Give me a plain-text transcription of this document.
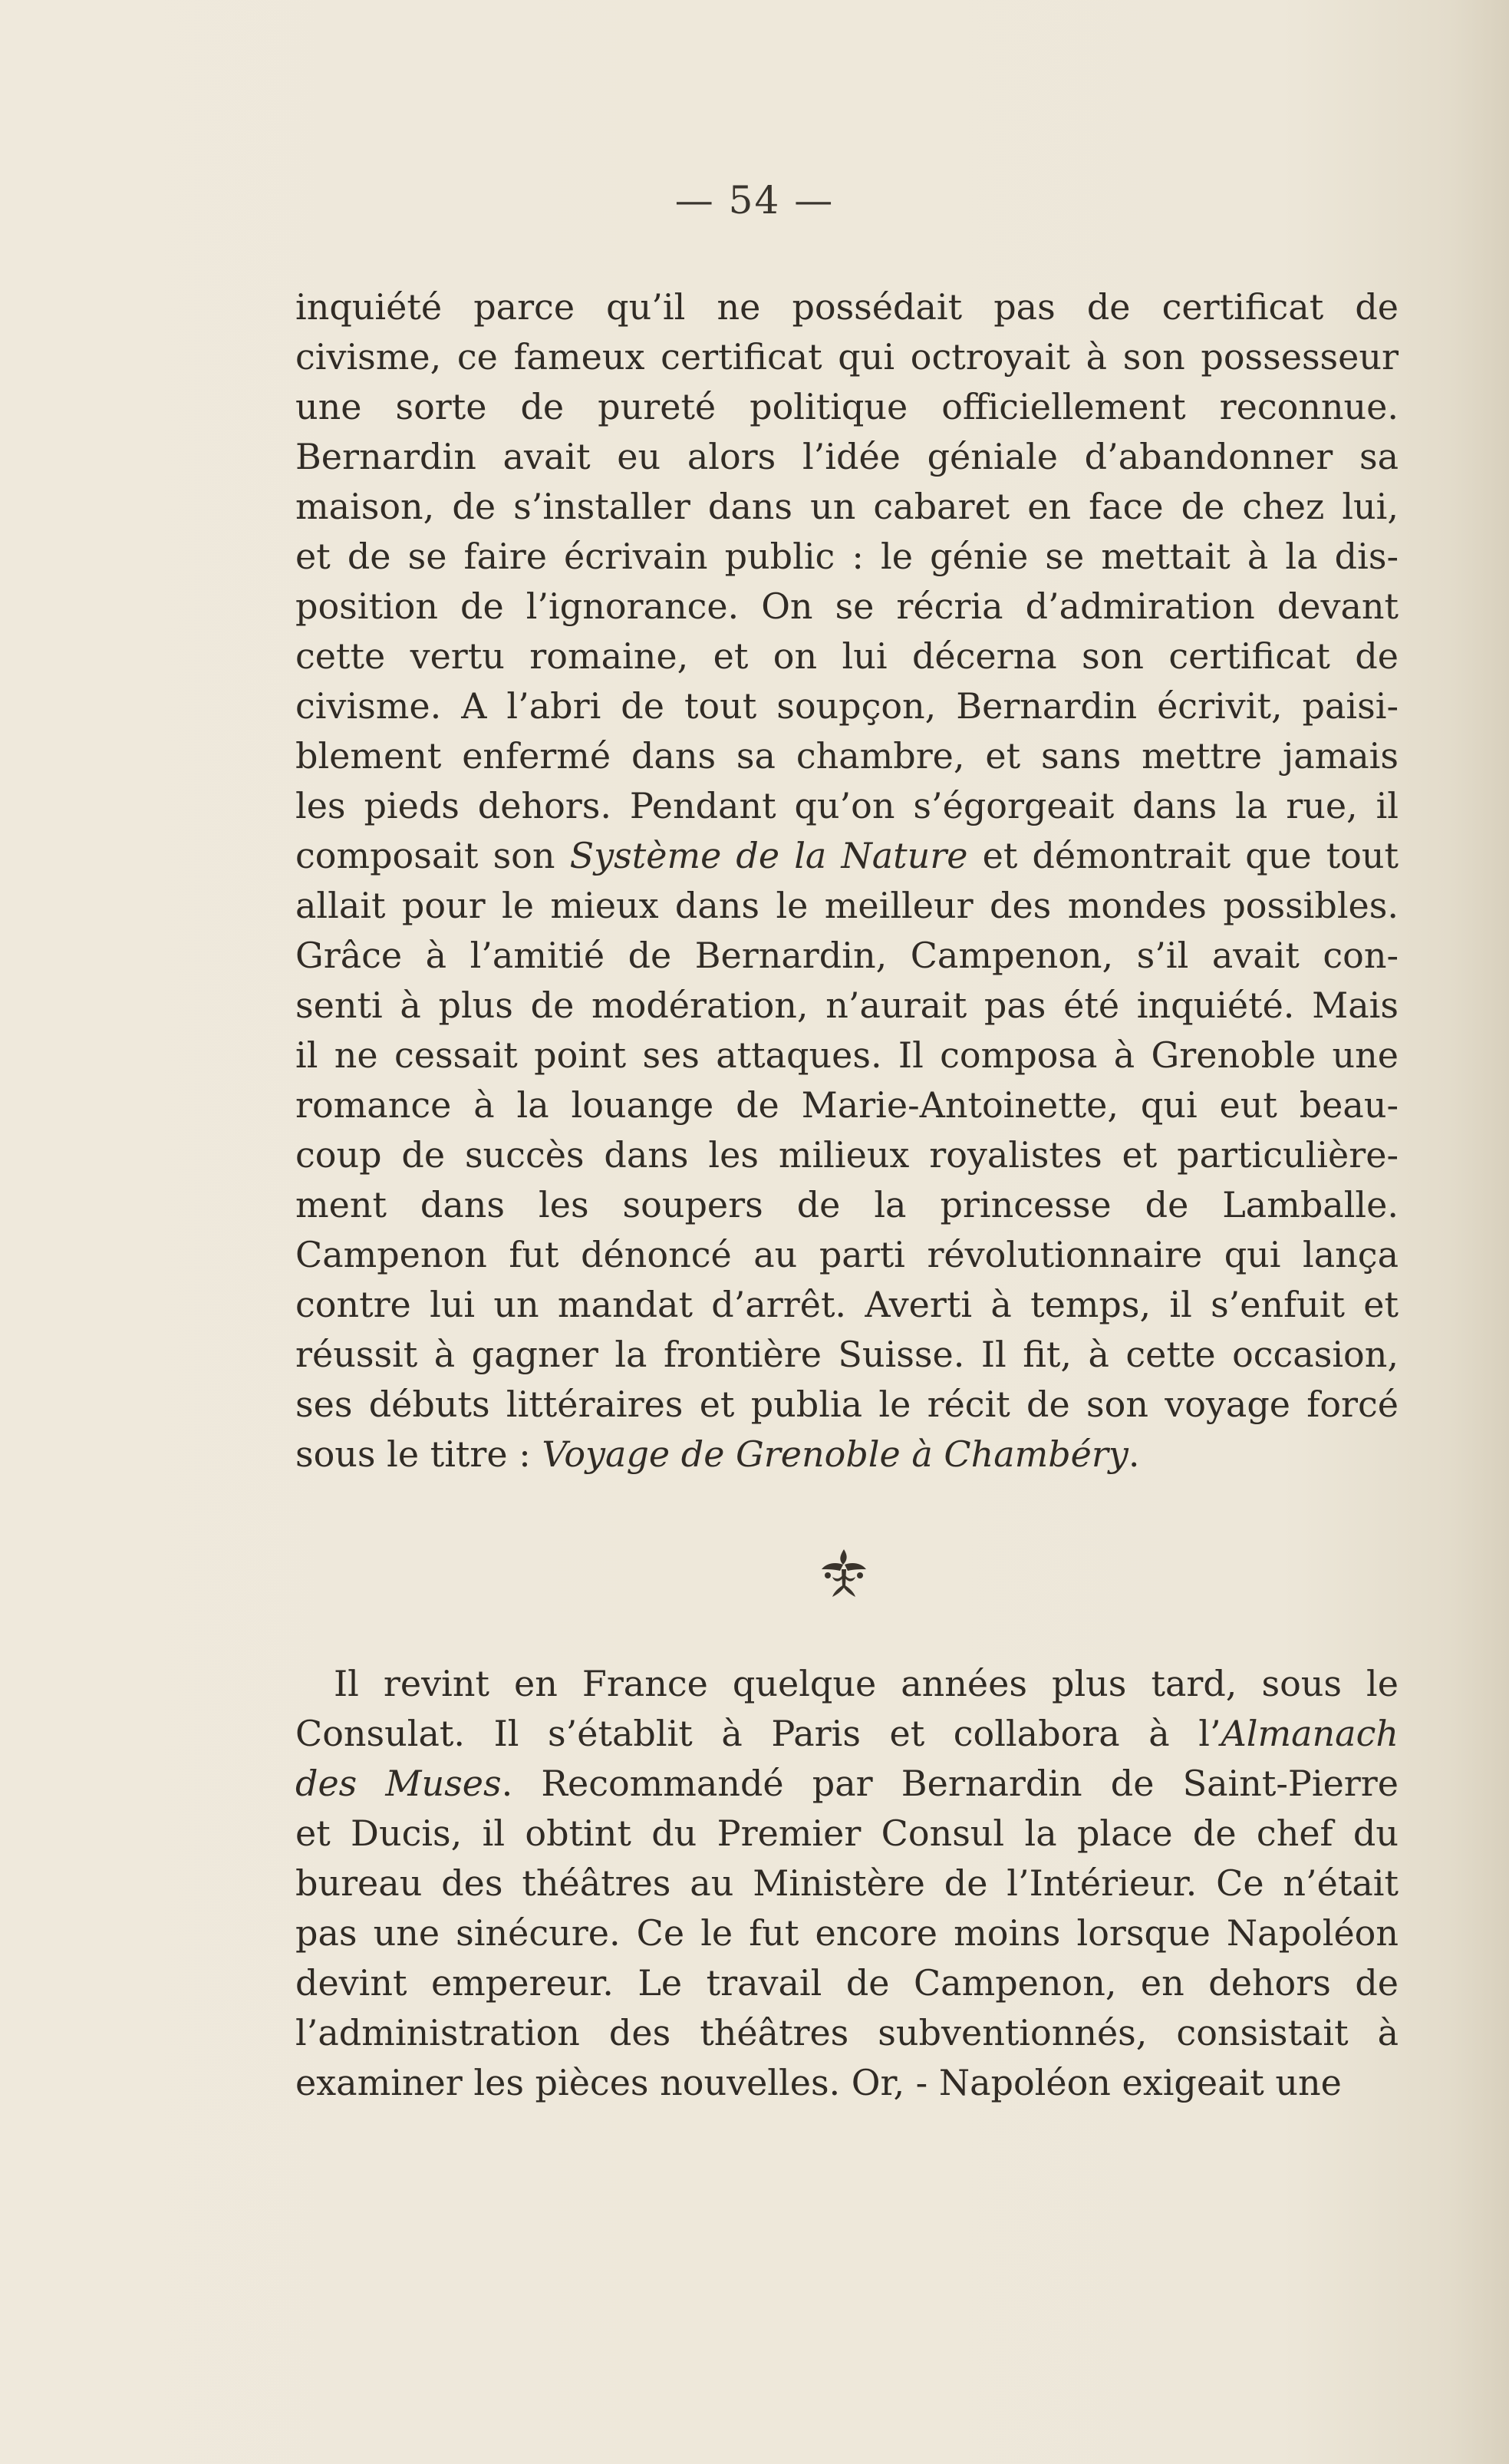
— 54 —
inquiété parce qu’il ne possédait pas de certificat de
civisme, ce fameux certificat qui octroyait à son possesseur
une sorte de pureté politique officiellement reconnue.
Bernardin avait eu alors l’idée géniale d’abandonner sa
maison, de s’installer dans un cabaret en face de chez lui,
et de se faire écrivain public : le génie se mettait à la dis-
position de l’ignorance. On se récria d’admiration devant
cette vertu romaine, et on lui décerna son certificat de
civisme. A l’abri de tout soupçon, Bernardin écrivit, paisi-
blement enfermé dans sa chambre, et sans mettre jamais
les pieds dehors. Pendant qu’on s’égorgeait dans la rue, il
composait son Système de la Nature et démontrait que tout
allait pour le mieux dans le meilleur des mondes possibles.
Grâce à l’amitié de Bernardin, Campenon, s’il avait con-
senti à plus de modération, n’aurait pas été inquiété. Mais
il ne cessait point ses attaques. Il composa à Grenoble une
romance à la louange de Marie-Antoinette, qui eut beau-
coup de succès dans les milieux royalistes et particulière-
ment dans les soupers de la princesse de Lamballe.
Campenon fut dénoncé au parti révolutionnaire qui lança
contre lui un mandat d’arrêt. Averti à temps, il s’enfuit et
réussit à gagner la frontière Suisse. Il fit, à cette occasion,
ses débuts littéraires et publia le récit de son voyage forcé
sous le titre : Voyage de Grenoble à Chambéry.
Il revint en France quelque années plus tard, sous le
Consulat. Il s’établit à Paris et collabora à l’Almanach
des Muses. Recommandé par Bernardin de Saint-Pierre
et Ducis, il obtint du Premier Consul la place de chef du
bureau des théâtres au Ministère de l’Intérieur. Ce n’était
pas une sinécure. Ce le fut encore moins lorsque Napoléon
devint empereur. Le travail de Campenon, en dehors de
l’administration des théâtres subventionnés, consistait à
examiner les pièces nouvelles. Or, - Napoléon exigeait une
